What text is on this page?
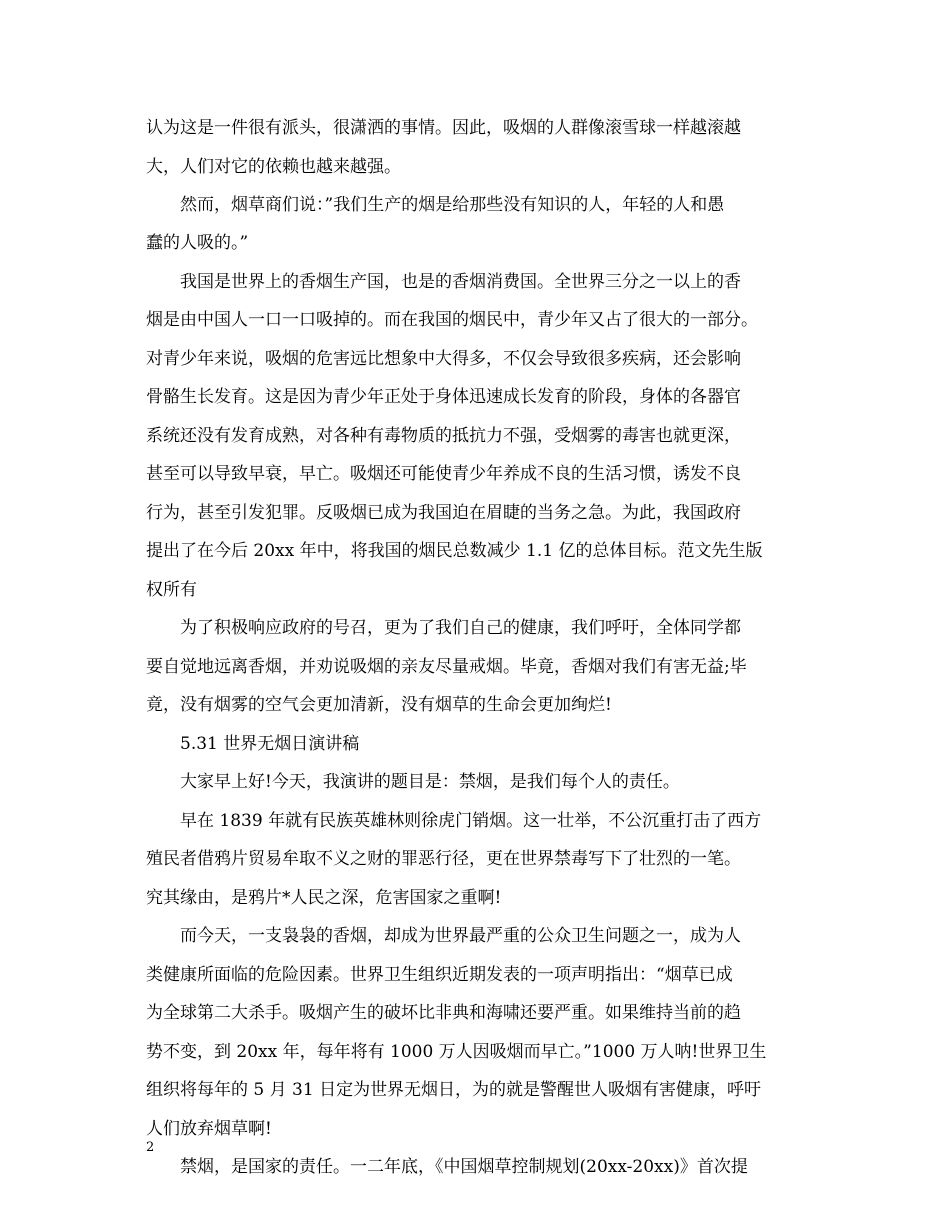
认为这是一件很有派头，很潇洒的事情。因此，吸烟的人群像滚雪球一样越滚越
大，人们对它的依赖也越来越强。
然而，烟草商们说：”我们生产的烟是给那些没有知识的人，年轻的人和愚
蠢的人吸的。”
我国是世界上的香烟生产国，也是的香烟消费国。全世界三分之一以上的香
烟是由中国人一口一口吸掉的。而在我国的烟民中，青少年又占了很大的一部分。
对青少年来说，吸烟的危害远比想象中大得多，不仅会导致很多疾病，还会影响
骨骼生长发育。这是因为青少年正处于身体迅速成长发育的阶段，身体的各器官
系统还没有发育成熟，对各种有毒物质的抵抗力不强，受烟雾的毒害也就更深，
甚至可以导致早衰，早亡。吸烟还可能使青少年养成不良的生活习惯，诱发不良
行为，甚至引发犯罪。反吸烟已成为我国迫在眉睫的当务之急。为此，我国政府
提出了在今后 20xx 年中，将我国的烟民总数减少 1.1 亿的总体目标。范文先生版
权所有
为了积极响应政府的号召，更为了我们自己的健康，我们呼吁，全体同学都
要自觉地远离香烟，并劝说吸烟的亲友尽量戒烟。毕竟，香烟对我们有害无益;毕
竟，没有烟雾的空气会更加清新，没有烟草的生命会更加绚烂!
5.31 世界无烟日演讲稿
大家早上好!今天，我演讲的题目是：禁烟，是我们每个人的责任。
早在 1839 年就有民族英雄林则徐虎门销烟。这一壮举，不公沉重打击了西方
殖民者借鸦片贸易牟取不义之财的罪恶行径，更在世界禁毒写下了壮烈的一笔。
究其缘由，是鸦片*人民之深，危害国家之重啊!
而今天，一支袅袅的香烟，却成为世界最严重的公众卫生问题之一，成为人
类健康所面临的危险因素。世界卫生组织近期发表的一项声明指出：“烟草已成
为全球第二大杀手。吸烟产生的破坏比非典和海啸还要严重。如果维持当前的趋
势不变，到 20xx 年，每年将有 1000 万人因吸烟而早亡。”1000 万人呐!世界卫生
组织将每年的 5 月 31 日定为世界无烟日，为的就是警醒世人吸烟有害健康，呼吁
人们放弃烟草啊!
禁烟，是国家的责任。一二年底，《中国烟草控制规划(20xx-20xx)》首次提
2
